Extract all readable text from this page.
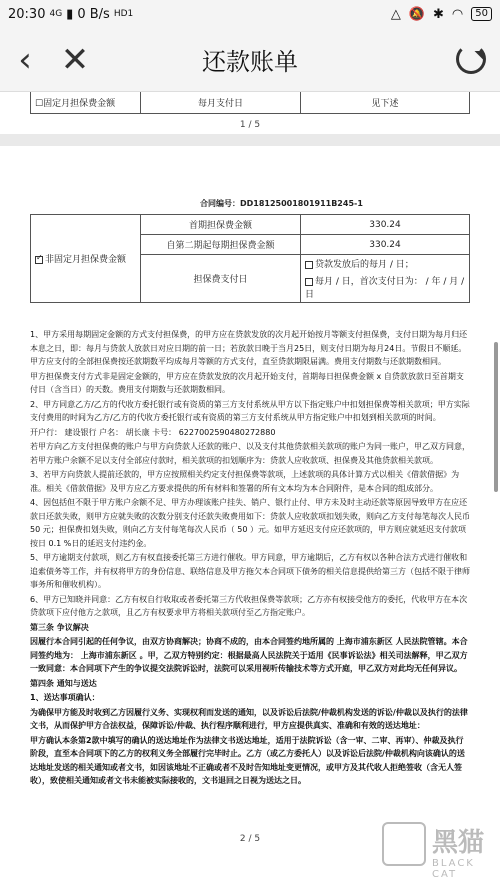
20:30 4G ▮ 0 B/s HD1	△ 🔕 ✱ ◠	50
‹ ✕	还款账单
☐固定月担保费金额	每月支付日	见下述
1 / 5
合同编号：DD18125001801911B245-1
✓非固定月担保费金额	首期担保费金额	330.24
	自第二期起每期担保费金额	330.24
	担保费支付日	贷款发放后的每月 / 日；
每月 / 日，首次支付日为： / 年 / 月 / 日

1、甲方采用每期固定金额的方式支付担保费，的甲方应在贷款发放的次月起开始按月等额支付担保费，支付日期为每月归还本息之日，即：每月与贷款人放款日对应日期的前一日；若放款日晚于当月25日，则支付日期为每月24日。节假日不顺延。甲方应支付的全部担保费按还款期数平均成每月等额的方式支付，直至贷款期限届满。费用支付期数与还款期数相同。

甲方担保费支付方式非是固定金额的，甲方应在贷款发放的次月起开始支付，首期每日担保费金额 x 自贷款放款日至首期支付日（含当日）的天数。费用支付期数与还款期数相同。

2、甲方同意乙方/乙方的代收方委托银行或有资质的第三方支付系统从甲方以下指定账户中扣划担保费等相关款项；甲方实际支付费用的时间为乙方/乙方的代收方委托银行或有资质的第三方支付系统从甲方指定账户中扣划到相关款项的时间。

开户行： 建设银行 户名： 胡长康 卡号： 6227002590480272880

若甲方向乙方支付担保费的账户与甲方向贷款人还款的账户、以及支付其他贷款相关款项的账户为同一账户，甲乙双方同意，若甲方账户余额不足以支付全部应付款时，相关款项的扣划顺序为：贷款人应收款项、担保费及其他贷款相关款项。

3、若甲方向贷款人提前还款的，甲方应按照相关约定支付担保费等款项，上述款项的具体计算方式以相关《借款借据》为准。相关《借款借据》及甲方应乙方要求提供的所有材料和签署的所有文本均为本合同附件，是本合同的组成部分。

4、因包括但不限于甲方账户余额不足、甲方办理该账户挂失、销户、银行止付、甲方未及时主动还款等原因导致甲方在应还款日还款失败，则甲方应就失败的次数分别支付还款失败费用如下：贷款人应收款项扣划失败，则向乙方支付每笔每次人民币 50 元；担保费扣划失败，则向乙方支付每笔每次人民币（ 50 ）元。如甲方延迟支付应还款项的，甲方则应就延迟支付款项按日 0.1 %日的延迟支付违约金。

5、甲方逾期支付款项，则乙方有权直接委托第三方进行催收。甲方同意，甲方逾期后，乙方有权以各种合法方式进行催收和追索债务等工作，并有权将甲方的身份信息、联络信息及甲方拖欠本合同项下债务的相关信息提供给第三方（包括不限于律师事务所和催收机构）。

6、甲方已知晓并同意：乙方有权自行收取或者委托第三方代收担保费等款项；乙方亦有权接受他方的委托，代收甲方在本次贷款项下应付他方之款项，且乙方有权要求甲方将相关款项付至乙方指定账户。

第三条 争议解决

因履行本合同引起的任何争议，由双方协商解决；协商不成的，由本合同签约地所属的 上海市浦东新区 人民法院管辖。本合同签约地为： 上海市浦东新区 。甲，乙双方特别约定：根据最高人民法院关于适用《民事诉讼法》相关司法解释，甲乙双方一致同意：本合同项下产生的争议提交法院诉讼时，法院可以采用视听传输技术等方式开庭，甲乙双方对此均无任何异议。

第四条 通知与送达

1、送达事项确认：

为确保甲方能及时收到乙方因履行义务、实现权利而发送的通知，以及诉讼后法院/仲裁机构发送的诉讼/仲裁以及执行的法律文书，从而保护甲方合法权益，保障诉讼/仲裁、执行程序顺利进行，甲方应提供真实、准确和有效的送达地址：

甲方确认本条第2款中填写的确认的送达地址作为法律文书送达地址，适用于法院诉讼（含一审、二审、再审）、仲裁及执行阶段，直至本合同项下的乙方的权利义务全部履行完毕时止。乙方（或乙方委托人）以及诉讼后法院/仲裁机构向该确认的送达地址发送的相关通知或者文书，如因该地址不正确或者不及时告知地址变更情况，或甲方及其代收人拒绝签收（含无人签收），致使相关通知或者文书未能被实际接收的，文书退回之日视为送达之日。

2 / 5	黑猫
BLACK CAT
